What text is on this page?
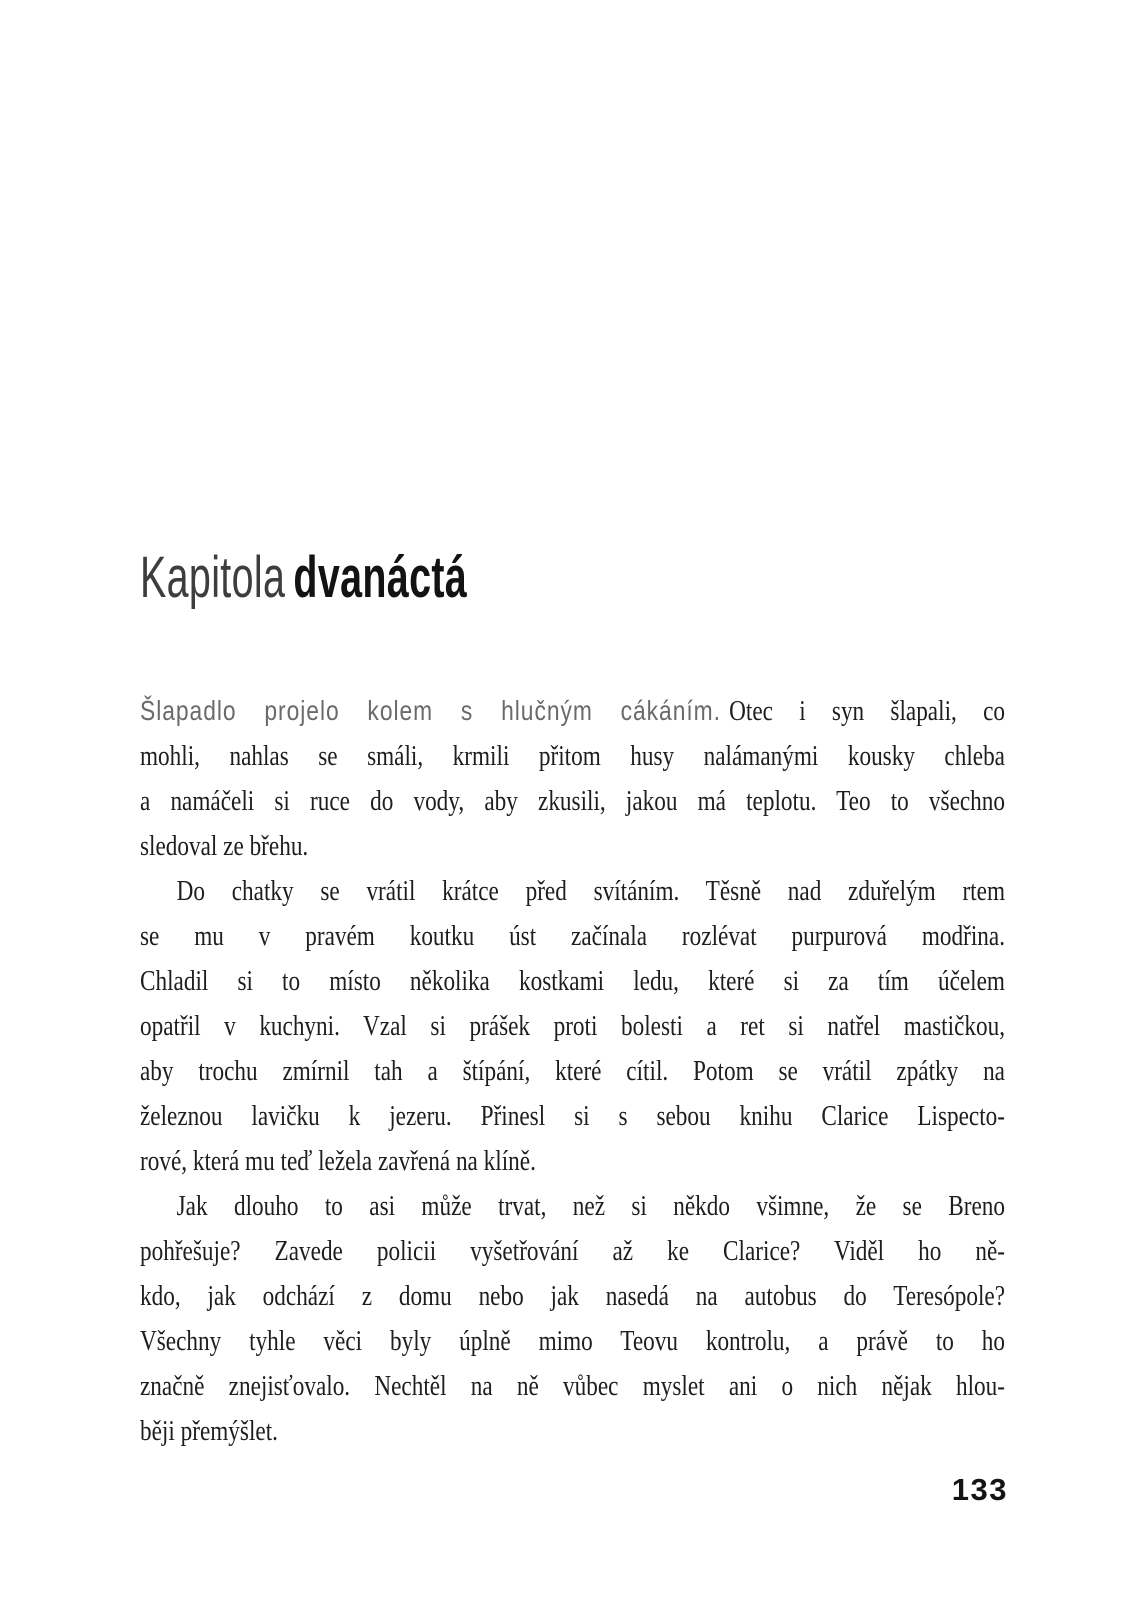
Kapitola dvanáctá
Šlapadlo projelo kolem s hlučným cákáním. Otec i syn šlapali, co
mohli, nahlas se smáli, krmili přitom husy nalámanými kousky chleba
a namáčeli si ruce do vody, aby zkusili, jakou má teplotu. Teo to všechno
sledoval ze břehu.
Do chatky se vrátil krátce před svítáním. Těsně nad zduřelým rtem
se mu v pravém koutku úst začínala rozlévat purpurová modřina.
Chladil si to místo několika kostkami ledu, které si za tím účelem
opatřil v kuchyni. Vzal si prášek proti bolesti a ret si natřel mastičkou,
aby trochu zmírnil tah a štípání, které cítil. Potom se vrátil zpátky na
železnou lavičku k jezeru. Přinesl si s sebou knihu Clarice Lispecto-
rové, která mu teď ležela zavřená na klíně.
Jak dlouho to asi může trvat, než si někdo všimne, že se Breno
pohřešuje? Zavede policii vyšetřování až ke Clarice? Viděl ho ně-
kdo, jak odchází z domu nebo jak nasedá na autobus do Teresópole?
Všechny tyhle věci byly úplně mimo Teovu kontrolu, a právě to ho
značně znejisťovalo. Nechtěl na ně vůbec myslet ani o nich nějak hlou-
běji přemýšlet.
133
